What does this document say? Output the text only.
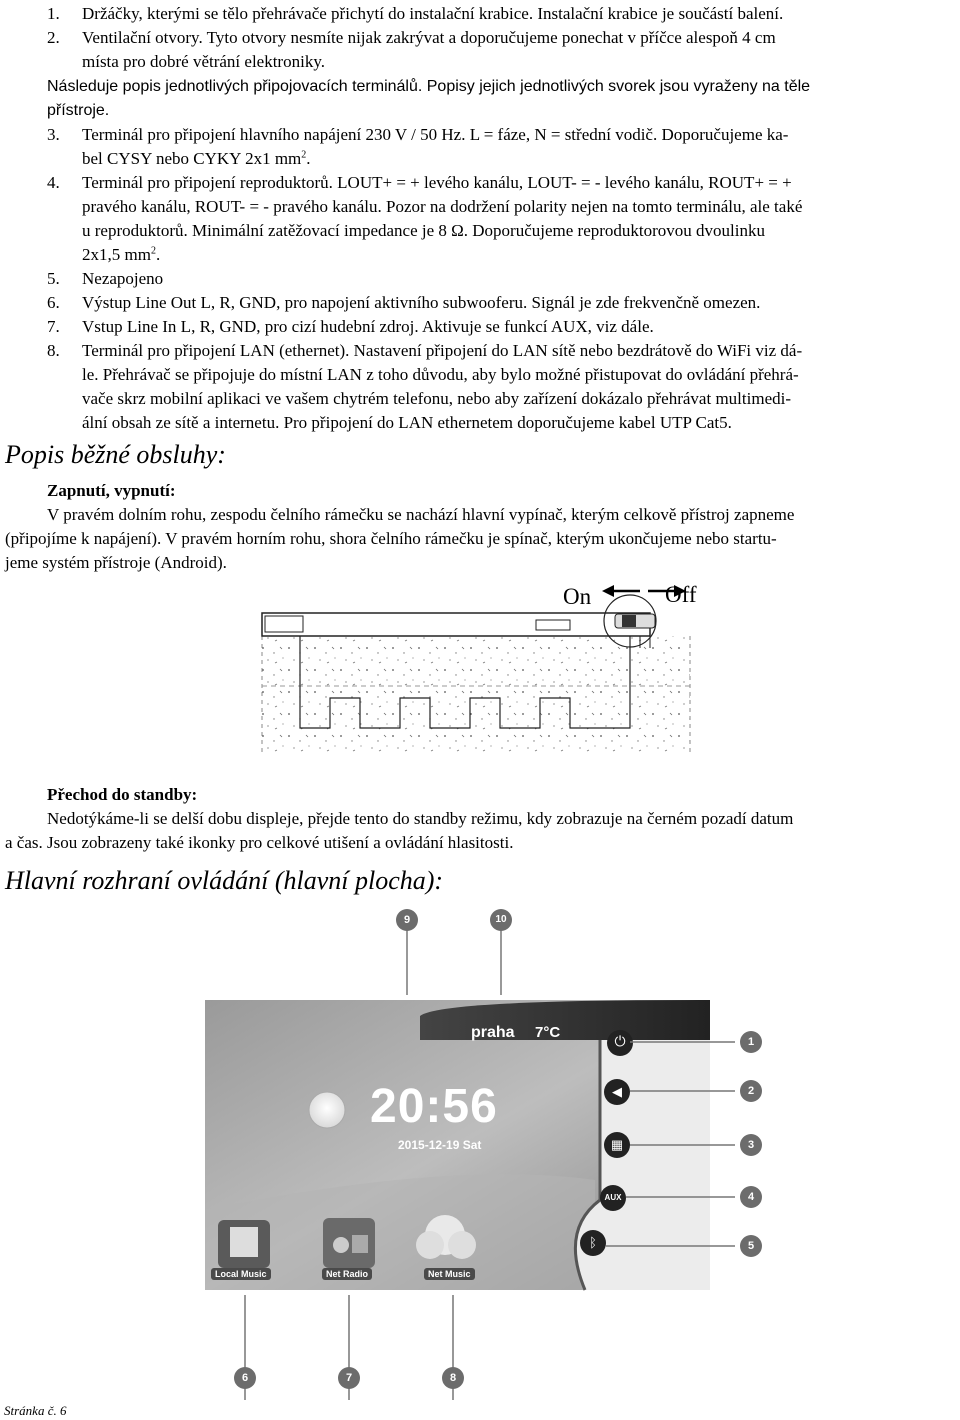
1. Držáčky, kterými se tělo přehrávače přichytí do instalační krabice. Instalační krabice je součástí balení.
2. Ventilační otvory. Tyto otvory nesmíte nijak zakrývat a doporučujeme ponechat v příčce alespoň 4 cm
místa pro dobré větrání elektroniky.
Následuje popis jednotlivých připojovacích terminálů. Popisy jejich jednotlivých svorek jsou vyraženy na těle
přístroje.
3. Terminál pro připojení hlavního napájení 230 V / 50 Hz. L = fáze, N = střední vodič. Doporučujeme ka-
bel CYSY nebo CYKY 2x1 $mm^2$.
4. Terminál pro připojení reproduktorů. LOUT+ = + levého kanálu, LOUT- = - levého kanálu, ROUT+ = +
pravého kanálu, ROUT- = - pravého kanálu. Pozor na dodržení polarity nejen na tomto terminálu, ale také
u reproduktorů. Minimální zatěžovací impedance je 8 Ω. Doporučujeme reproduktorovou dvoulinku
2x1,5 $mm^2$.
5. Nezapojeno
6. Výstup Line Out L, R, GND, pro napojení aktivního subwooferu. Signál je zde frekvenčně omezen.
7. Vstup Line In L, R, GND, pro cizí hudební zdroj. Aktivuje se funkcí AUX, viz dále.
8. Terminál pro připojení LAN (ethernet). Nastavení připojení do LAN sítě nebo bezdrátově do WiFi viz dá-
le. Přehrávač se připojuje do místní LAN z toho důvodu, aby bylo možné přistupovat do ovládání přehrá-
vače skrz mobilní aplikaci ve vašem chytrém telefonu, nebo aby zařízení dokázalo přehrávat multimedi-
ální obsah ze sítě a internetu. Pro připojení do LAN ethernetem doporučujeme kabel UTP Cat5.
Popis běžné obsluhy:
Zapnutí, vypnutí:
V pravém dolním rohu, zespodu čelního rámečku se nachází hlavní vypínač, kterým celkově přístroj zapneme
(připojíme k napájení). V pravém horním rohu, shora čelního rámečku je spínač, kterým ukončujeme nebo startu-
jeme systém přístroje (Android).
On	Off
Přechod do standby:
Nedotýkáme-li se delší dobu displeje, přejde tento do standby režimu, kdy zobrazuje na černém pozadí datum
a čas. Jsou zobrazeny také ikonky pro celkové utišení a ovládání hlasitosti.
Hlavní rozhraní ovládání (hlavní plocha):
praha 7°C
20:56
2015-12-19 Sat
⏻
◀
▦
AUX
ᛒ
Local Music	Net Radio	Net Music
9	10
1
2
3
4
5
6	7	8
Stránka č. 6
